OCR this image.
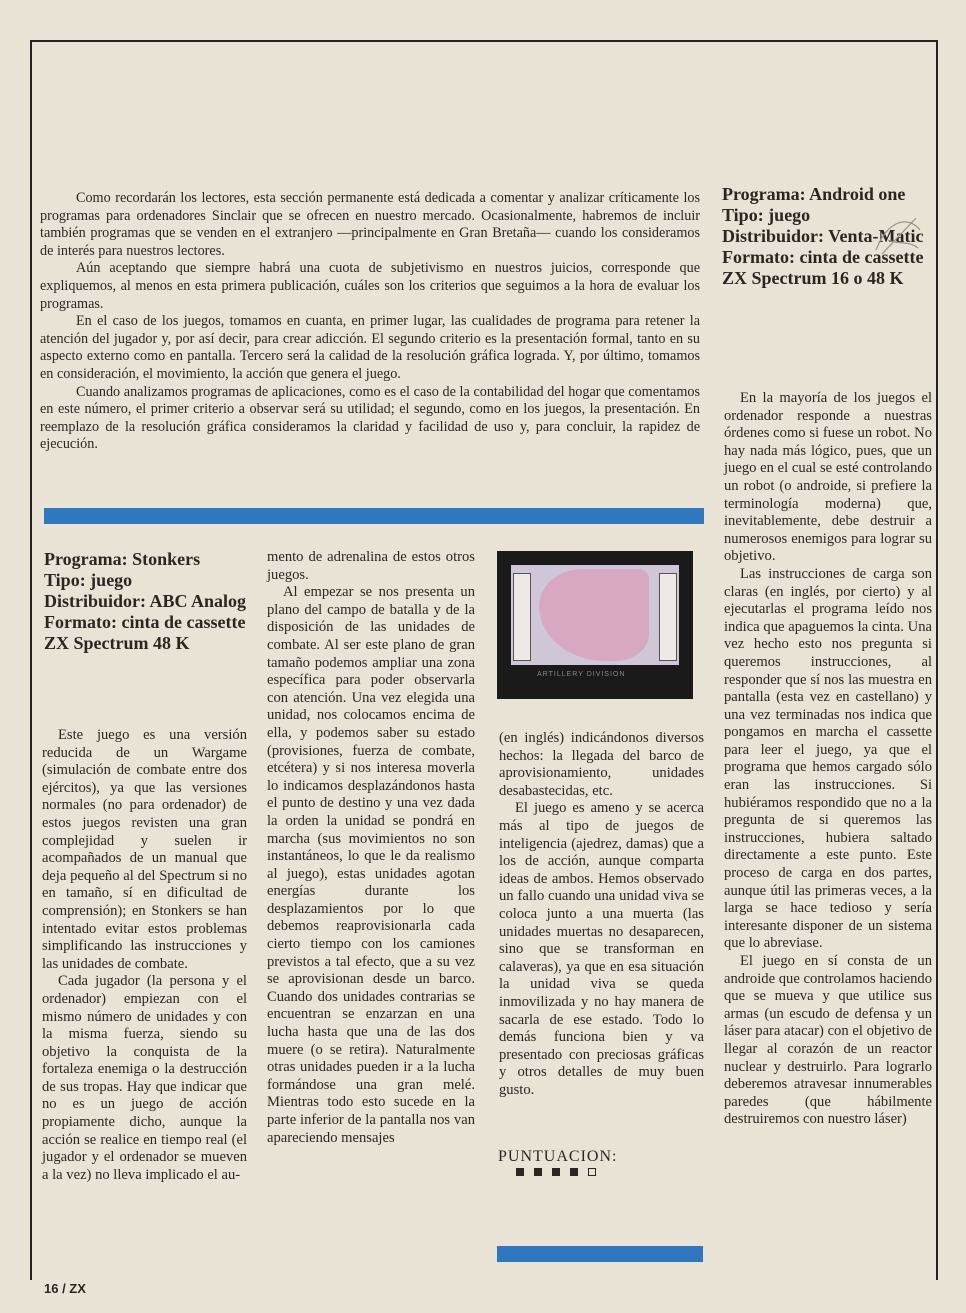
Como recordarán los lectores, esta sección permanente está dedicada a comentar y analizar críticamente los programas para ordenadores Sinclair que se ofrecen en nuestro mercado. Ocasionalmente, habremos de incluir también programas que se venden en el extranjero —principalmente en Gran Bretaña— cuando los consideramos de interés para nuestros lectores.

Aún aceptando que siempre habrá una cuota de subjetivismo en nuestros juicios, corresponde que expliquemos, al menos en esta primera publicación, cuáles son los criterios que seguimos a la hora de evaluar los programas.

En el caso de los juegos, tomamos en cuanta, en primer lugar, las cualidades de programa para retener la atención del jugador y, por así decir, para crear adicción. El segundo criterio es la presentación formal, tanto en su aspecto externo como en pantalla. Tercero será la calidad de la resolución gráfica lograda. Y, por último, tomamos en consideración, el movimiento, la acción que genera el juego.

Cuando analizamos programas de aplicaciones, como es el caso de la contabilidad del hogar que comentamos en este número, el primer criterio a observar será su utilidad; el segundo, como en los juegos, la presentación. En reemplazo de la resolución gráfica consideramos la claridad y facilidad de uso y, para concluir, la rapidez de ejecución.

Programa: Android one
Tipo: juego
Distribuidor: Venta-Matic
Formato: cinta de cassette
ZX Spectrum 16 o 48 K

En la mayoría de los juegos el ordenador responde a nuestras órdenes como si fuese un robot. No hay nada más lógico, pues, que un juego en el cual se esté controlando un robot (o androide, si prefiere la terminología moderna) que, inevitablemente, debe destruir a numerosos enemigos para lograr su objetivo.

Las instrucciones de carga son claras (en inglés, por cierto) y al ejecutarlas el programa leído nos indica que apaguemos la cinta. Una vez hecho esto nos pregunta si queremos instrucciones, al responder que sí nos las muestra en pantalla (esta vez en castellano) y una vez terminadas nos indica que pongamos en marcha el cassette para leer el juego, ya que el programa que hemos cargado sólo eran las instrucciones. Si hubiéramos respondido que no a la pregunta de si queremos las instrucciones, hubiera saltado directamente a este punto. Este proceso de carga en dos partes, aunque útil las primeras veces, a la larga se hace tedioso y sería interesante disponer de un sistema que lo abreviase.

El juego en sí consta de un androide que controlamos haciendo que se mueva y que utilice sus armas (un escudo de defensa y un láser para atacar) con el objetivo de llegar al corazón de un reactor nuclear y destruirlo. Para lograrlo deberemos atravesar innumerables paredes (que hábilmente destruiremos con nuestro láser)

Programa: Stonkers
Tipo: juego
Distribuidor: ABC Analog
Formato: cinta de cassette
ZX Spectrum 48 K

Este juego es una versión reducida de un Wargame (simulación de combate entre dos ejércitos), ya que las versiones normales (no para ordenador) de estos juegos revisten una gran complejidad y suelen ir acompañados de un manual que deja pequeño al del Spectrum si no en tamaño, sí en dificultad de comprensión); en Stonkers se han intentado evitar estos problemas simplificando las instrucciones y las unidades de combate.

Cada jugador (la persona y el ordenador) empiezan con el mismo número de unidades y con la misma fuerza, siendo su objetivo la conquista de la fortaleza enemiga o la destrucción de sus tropas. Hay que indicar que no es un juego de acción propiamente dicho, aunque la acción se realice en tiempo real (el jugador y el ordenador se mueven a la vez) no lleva implicado el au-

mento de adrenalina de estos otros juegos.

Al empezar se nos presenta un plano del campo de batalla y de la disposición de las unidades de combate. Al ser este plano de gran tamaño podemos ampliar una zona específica para poder observarla con atención. Una vez elegida una unidad, nos colocamos encima de ella, y podemos saber su estado (provisiones, fuerza de combate, etcétera) y si nos interesa moverla lo indicamos desplazándonos hasta el punto de destino y una vez dada la orden la unidad se pondrá en marcha (sus movimientos no son instantáneos, lo que le da realismo al juego), estas unidades agotan energías durante los desplazamientos por lo que debemos reaprovisionarla cada cierto tiempo con los camiones previstos a tal efecto, que a su vez se aprovisionan desde un barco. Cuando dos unidades contrarias se encuentran se enzarzan en una lucha hasta que una de las dos muere (o se retira). Naturalmente otras unidades pueden ir a la lucha formándose una gran melé. Mientras todo esto sucede en la parte inferior de la pantalla nos van apareciendo mensajes

ARTILLERY DIVISION

(en inglés) indicándonos diversos hechos: la llegada del barco de aprovisionamiento, unidades desabastecidas, etc.

El juego es ameno y se acerca más al tipo de juegos de inteligencia (ajedrez, damas) que a los de acción, aunque comparta ideas de ambos. Hemos observado un fallo cuando una unidad viva se coloca junto a una muerta (las unidades muertas no desaparecen, sino que se transforman en calaveras), ya que en esa situación la unidad viva se queda inmovilizada y no hay manera de sacarla de ese estado. Todo lo demás funciona bien y va presentado con preciosas gráficas y otros detalles de muy buen gusto.

PUNTUACION:
16 / ZX
